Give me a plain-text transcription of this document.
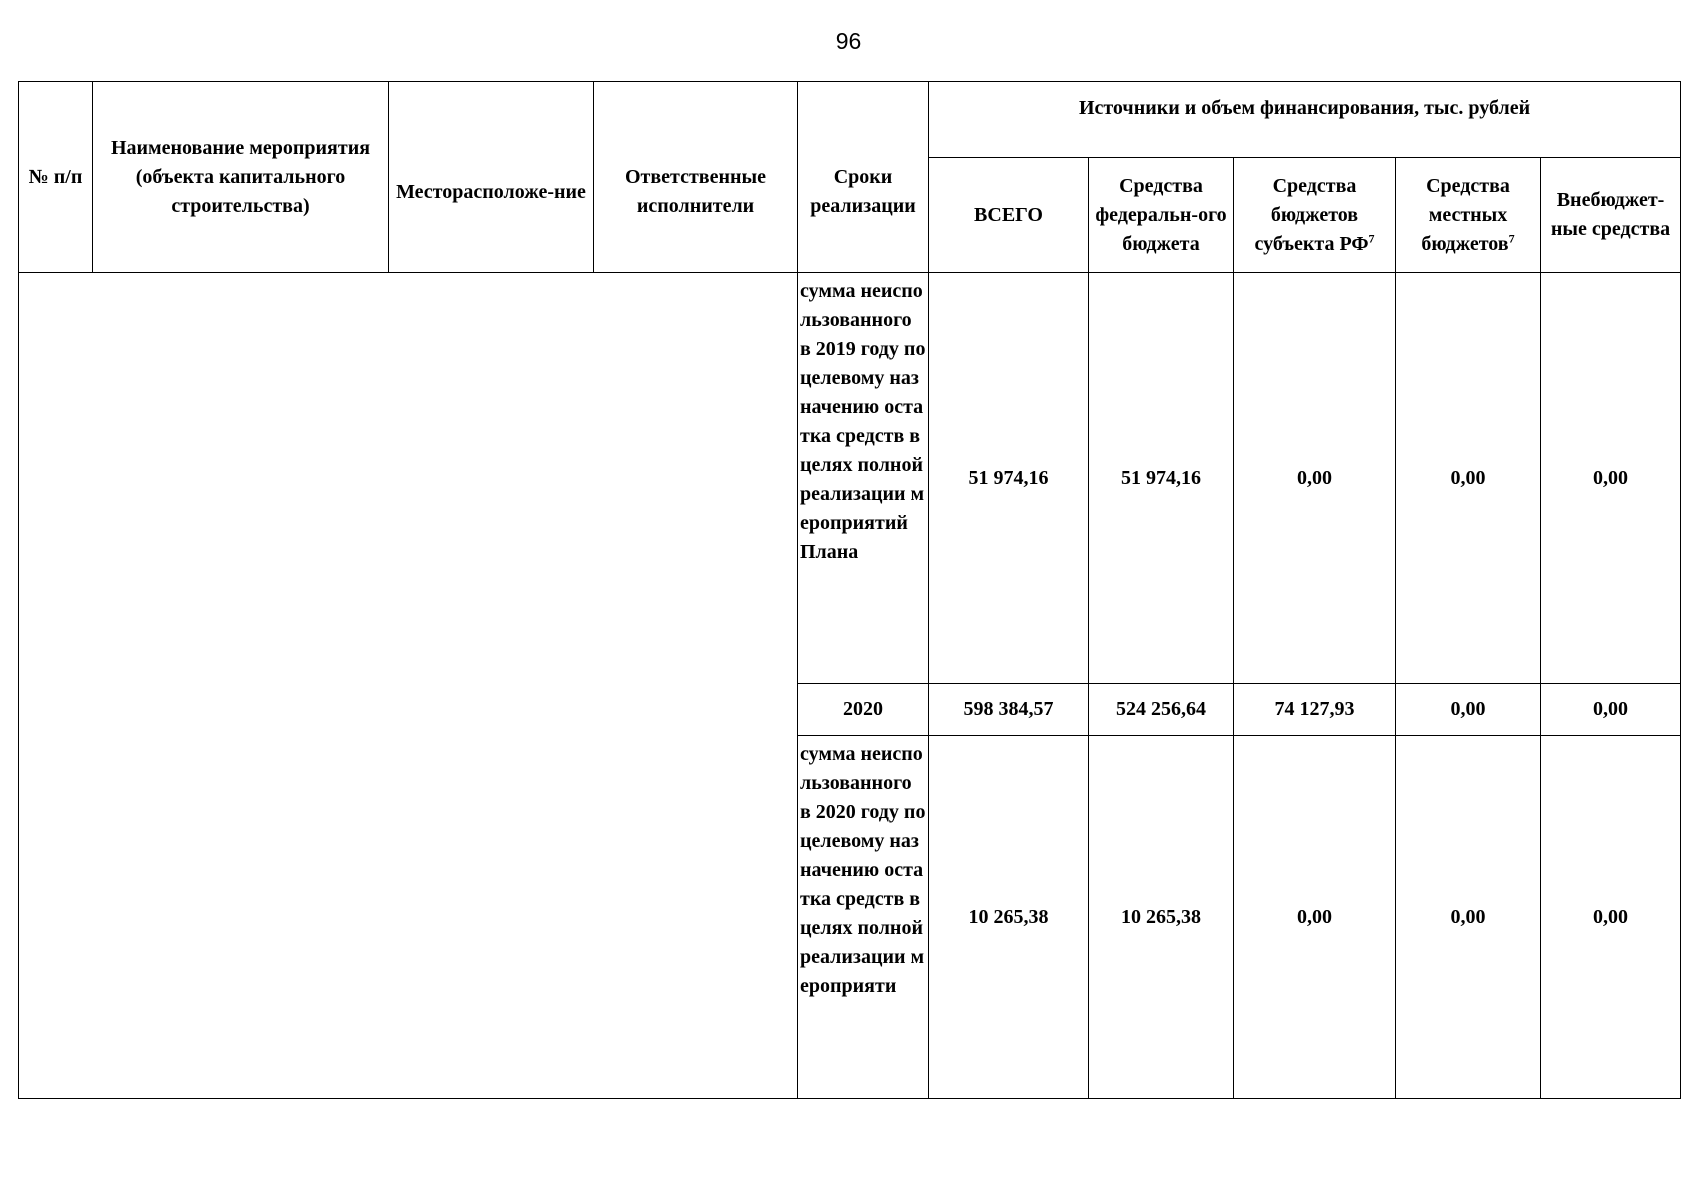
96
№ п/п	Наименование мероприятия (объекта капитального строительства)	Месторасположе-ние	Ответственные исполнители	Сроки реализации	Источники и объем финансирования, тыс. рублей				
					ВСЕГО	Средства федеральн-ого бюджета	Средства бюджетов субъекта $РФ^7$	Средства местных бюджетов$^7$	Внебюджет-ные средства
				сумма неиспользованного в 2019 году по целевому назначению остатка средств в целях полной реализации мероприятий Плана	51 974,16	51 974,16	0,00	0,00	0,00
				2020	598 384,57	524 256,64	74 127,93	0,00	0,00
				сумма неиспользованного в 2020 году по целевому назначению остатка средств в целях полной реализации мероприяти	10 265,38	10 265,38	0,00	0,00	0,00
